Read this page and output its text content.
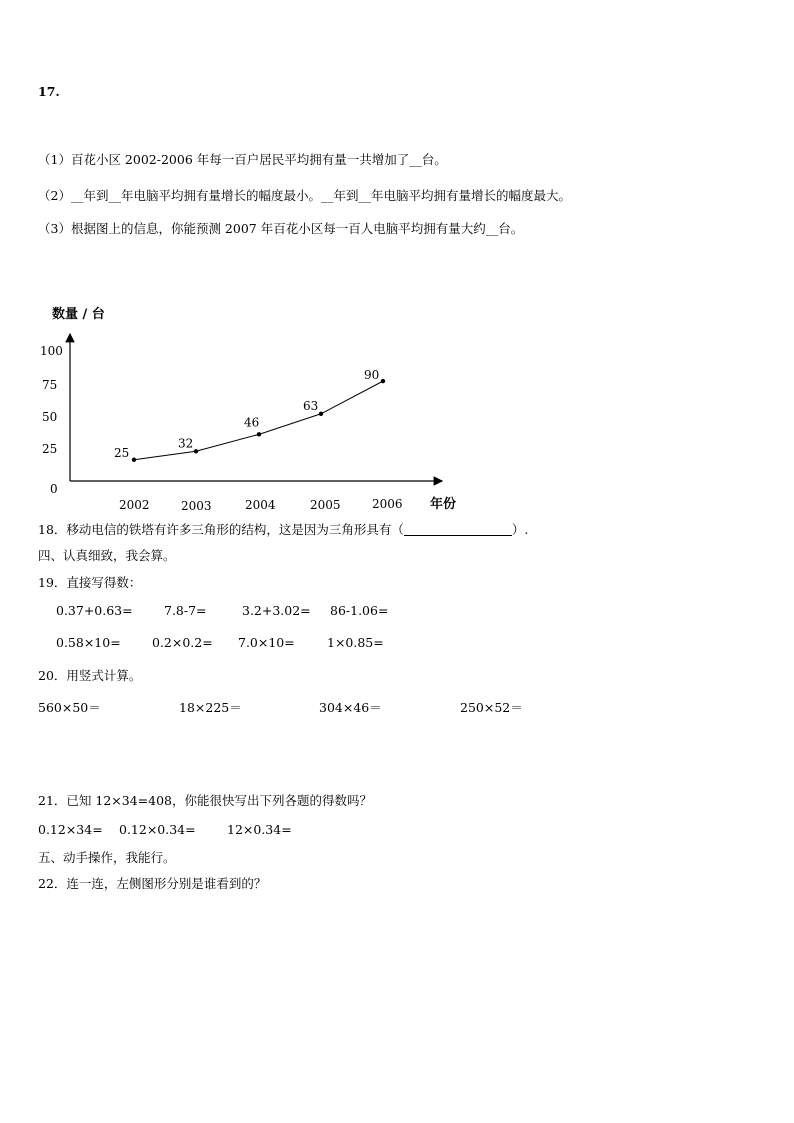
17.
（1）百花小区 2002-2006 年每一百户居民平均拥有量一共增加了__台。
（2）__年到__年电脑平均拥有量增长的幅度最小。__年到__年电脑平均拥有量增长的幅度最大。
（3）根据图上的信息，你能预测 2007 年百花小区每一百人电脑平均拥有量大约__台。
数量 / 台
100
75
50
25
0
2002	2003	2004	2005	2006
25
32
46
63
90
年份
18．移动电信的铁塔有许多三角形的结构，这是因为三角形具有（	）.
四、认真细致，我会算。
19．直接写得数：
0.37+0.63=	7.8-7=	3.2+3.02= 86-1.06=
0.58×10=	0.2×0.2= 7.0×10=	1×0.85=
20．用竖式计算。
560×50＝	18×225＝	304×46＝	250×52＝
21．已知 12×34=408，你能很快写出下列各题的得数吗？
0.12×34= 0.12×0.34=	12×0.34=
五、动手操作，我能行。
22．连一连，左侧图形分别是谁看到的？
